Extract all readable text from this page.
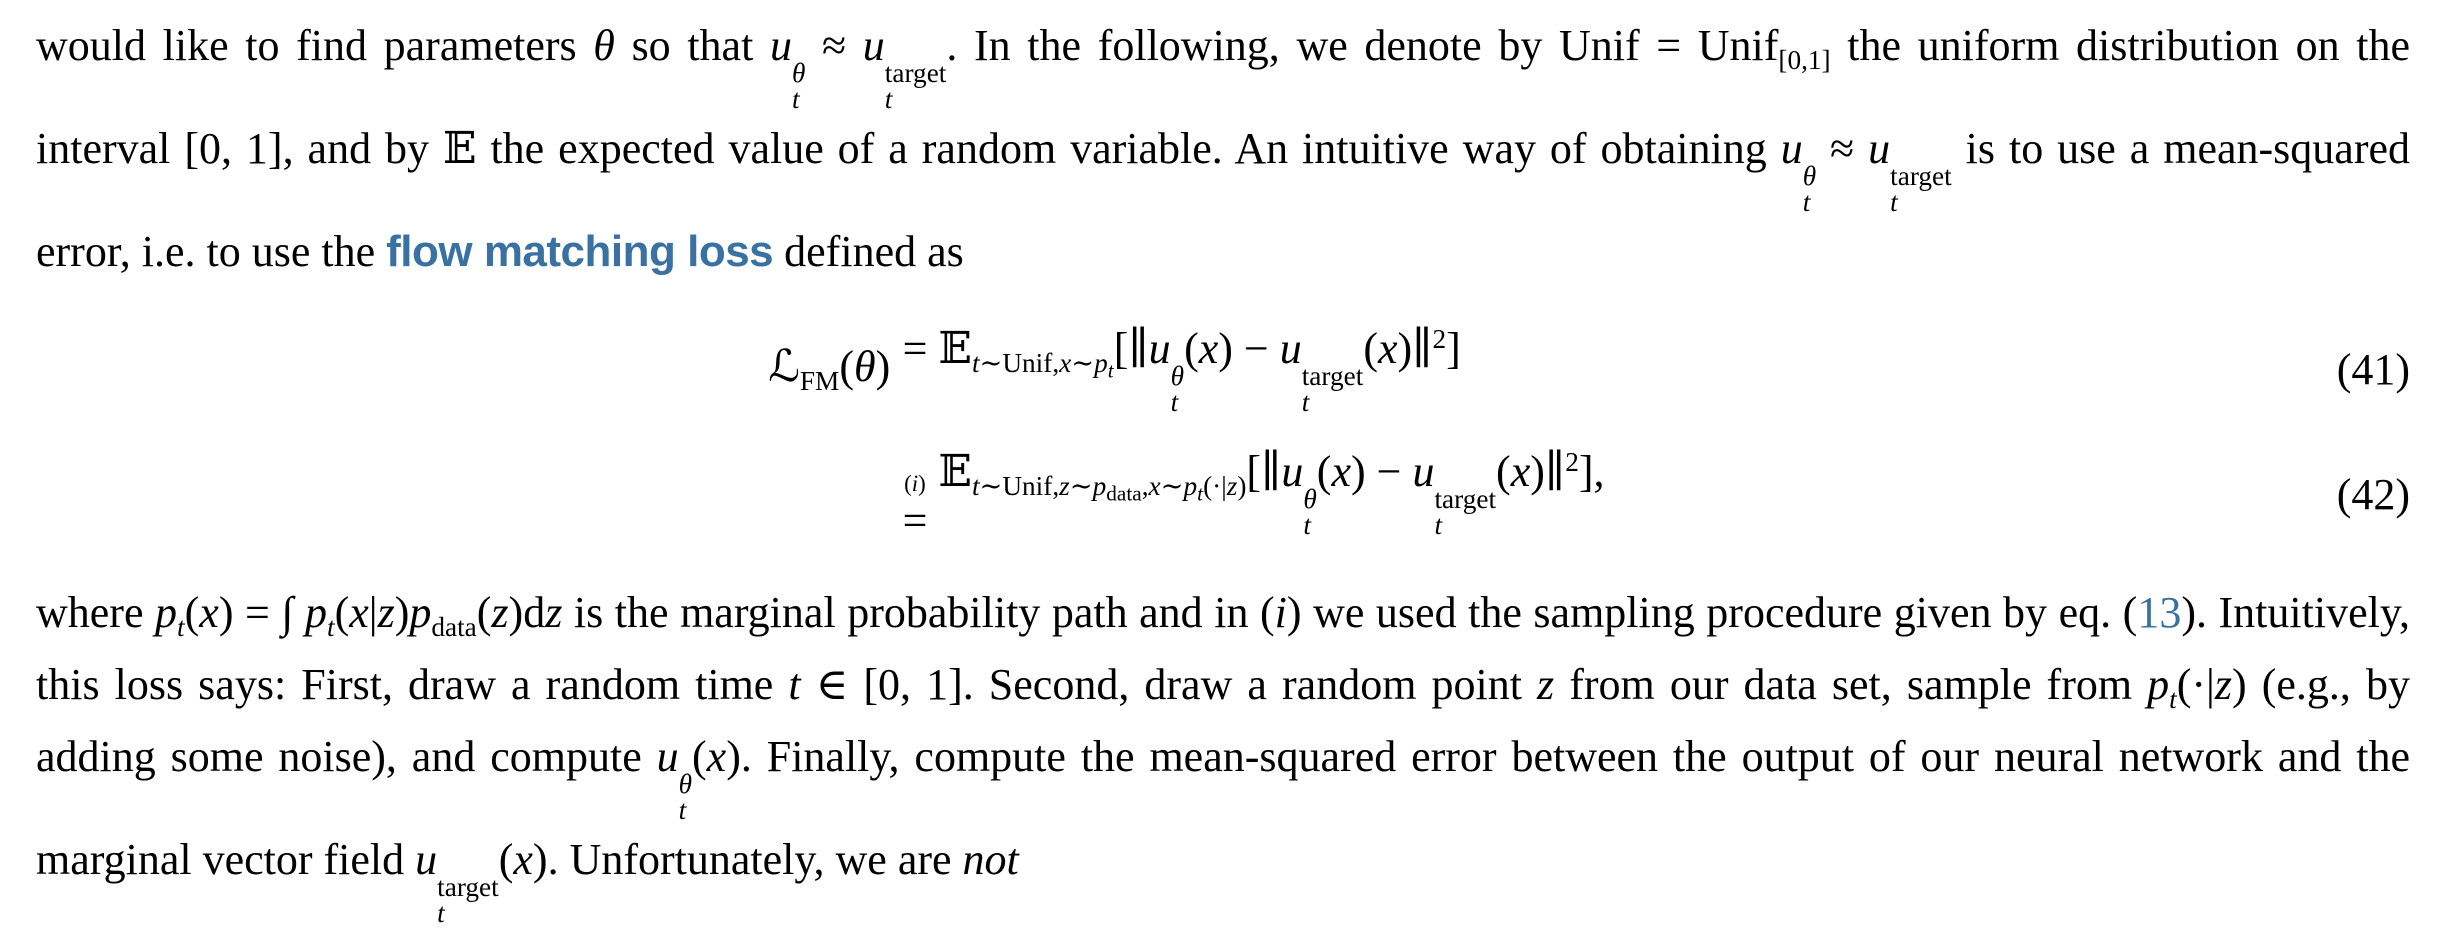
would like to find parameters θ so that u
θ
t
≈ u
target
t
. In the following, we denote by Unif = Unif$_{[0,1]}$ the uniform distribution on the interval [0, 1], and by 𝔼 the expected value of a random variable. An intuitive way of obtaining u
θ
t
≈ u
target
t
is to use a mean-squared error, i.e. to use the flow matching loss defined as

ℒ$_{FM}$(θ) = 𝔼$_{t\sim Unif,x\sim pt}$[∥u
θ
t
(x) − u
target
t
(x)∥$^2$]	(41)
(i)
=
𝔼$_{t\sim Unif,z\sim pdata,x\sim pt(\cdot|z)}$[∥u
θ
t
(x) − u
target
t
(x)∥$^2$],	(42)

where $p_t(x)$ = ∫ $p_t(x|z)p_{data}(z)dz$ is the marginal probability path and in (i) we used the sampling procedure given by eq. (13). Intuitively, this loss says: First, draw a random time t ∈ [0, 1]. Second, draw a random point z from our data set, sample from $p_t(\cdot|z)$ (e.g., by adding some noise), and compute u
θ
t
(x). Finally, compute the mean-squared error between the output of our neural network and the marginal vector field u
target
t
(x). Unfortunately, we are not
